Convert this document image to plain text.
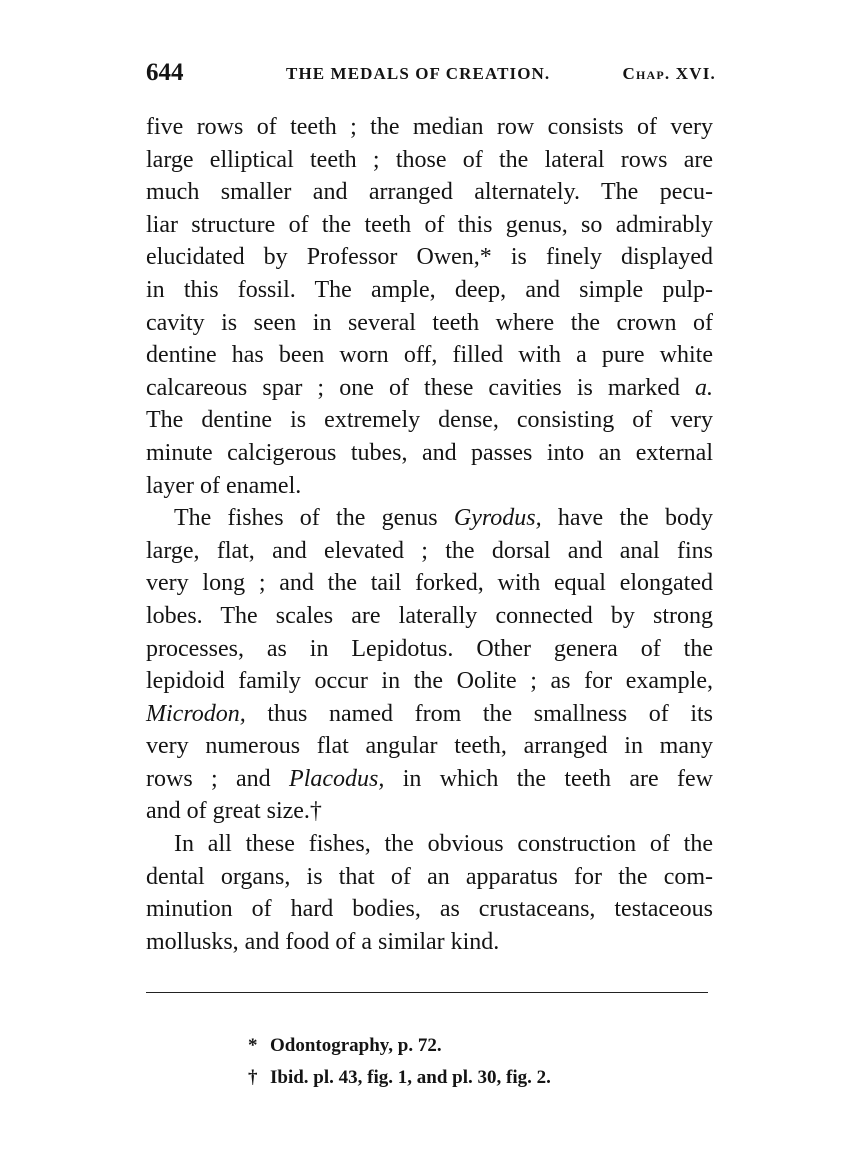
644	THE MEDALS OF CREATION.	Chap. XVI.
five rows of teeth ; the median row consists of very
large elliptical teeth ; those of the lateral rows are
much smaller and arranged alternately. The pecu-
liar structure of the teeth of this genus, so admirably
elucidated by Professor Owen,* is finely displayed
in this fossil. The ample, deep, and simple pulp-
cavity is seen in several teeth where the crown of
dentine has been worn off, filled with a pure white
calcareous spar ; one of these cavities is marked a.
The dentine is extremely dense, consisting of very
minute calcigerous tubes, and passes into an external
layer of enamel.
The fishes of the genus Gyrodus, have the body
large, flat, and elevated ; the dorsal and anal fins
very long ; and the tail forked, with equal elongated
lobes. The scales are laterally connected by strong
processes, as in Lepidotus. Other genera of the
lepidoid family occur in the Oolite ; as for example,
Microdon, thus named from the smallness of its
very numerous flat angular teeth, arranged in many
rows ; and Placodus, in which the teeth are few
and of great size.†
In all these fishes, the obvious construction of the
dental organs, is that of an apparatus for the com-
minution of hard bodies, as crustaceans, testaceous
mollusks, and food of a similar kind.
* Odontography, p. 72.
† Ibid. pl. 43, fig. 1, and pl. 30, fig. 2.
